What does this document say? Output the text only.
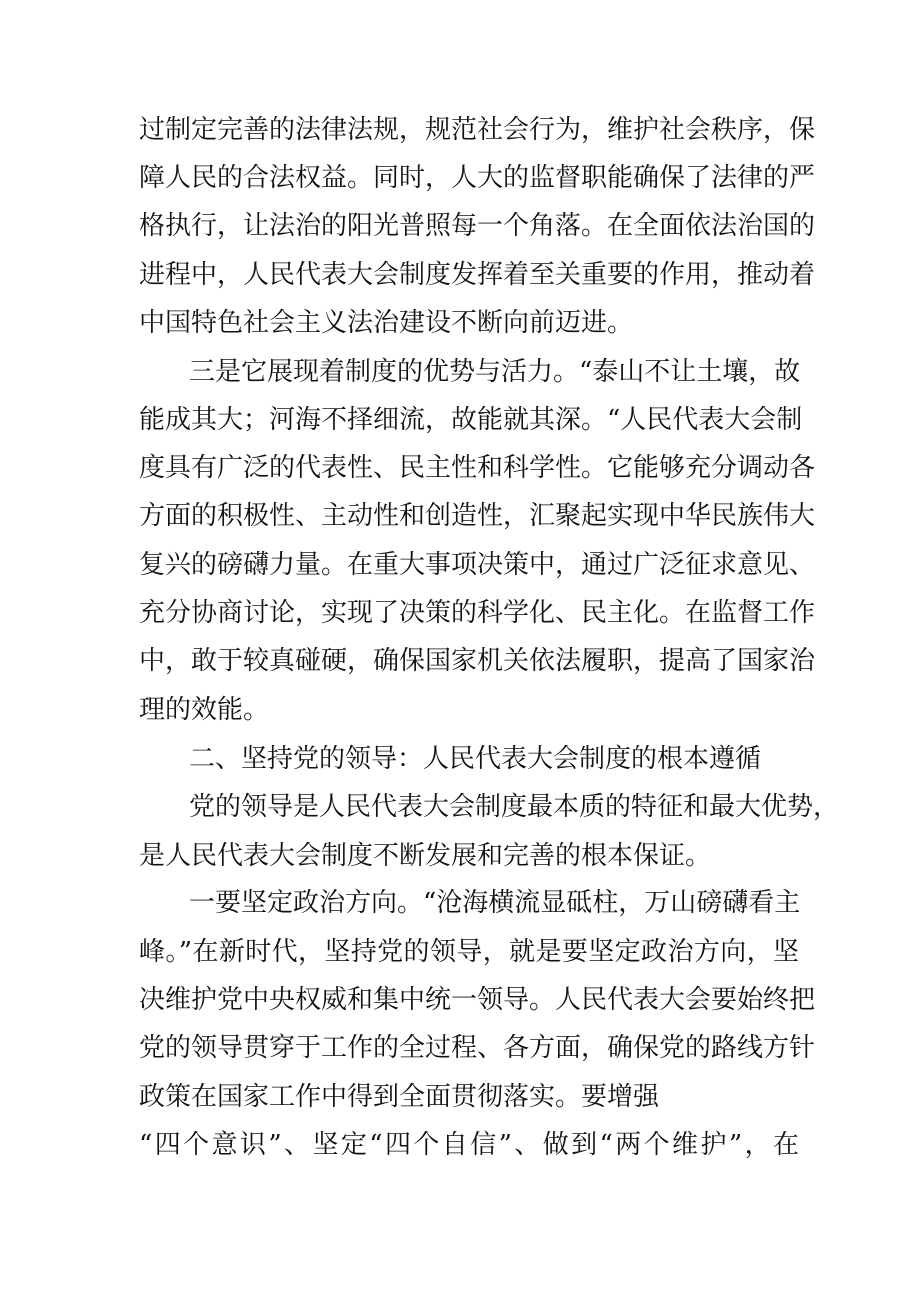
过制定完善的法律法规，规范社会行为，维护社会秩序，保
障人民的合法权益。同时，人大的监督职能确保了法律的严
格执行，让法治的阳光普照每一个角落。在全面依法治国的
进程中，人民代表大会制度发挥着至关重要的作用，推动着
中国特色社会主义法治建设不断向前迈进。
三是它展现着制度的优势与活力。“泰山不让土壤，故
能成其大；河海不择细流，故能就其深。“人民代表大会制
度具有广泛的代表性、民主性和科学性。它能够充分调动各
方面的积极性、主动性和创造性，汇聚起实现中华民族伟大
复兴的磅礴力量。在重大事项决策中，通过广泛征求意见、
充分协商讨论，实现了决策的科学化、民主化。在监督工作
中，敢于较真碰硬，确保国家机关依法履职，提高了国家治
理的效能。
二、坚持党的领导：人民代表大会制度的根本遵循
党的领导是人民代表大会制度最本质的特征和最大优势，
是人民代表大会制度不断发展和完善的根本保证。
一要坚定政治方向。“沧海横流显砥柱，万山磅礴看主
峰。”在新时代，坚持党的领导，就是要坚定政治方向，坚
决维护党中央权威和集中统一领导。人民代表大会要始终把
党的领导贯穿于工作的全过程、各方面，确保党的路线方针
政策在国家工作中得到全面贯彻落实。要增强
“四个意识”、坚定“四个自信”、做到“两个维护”，在
